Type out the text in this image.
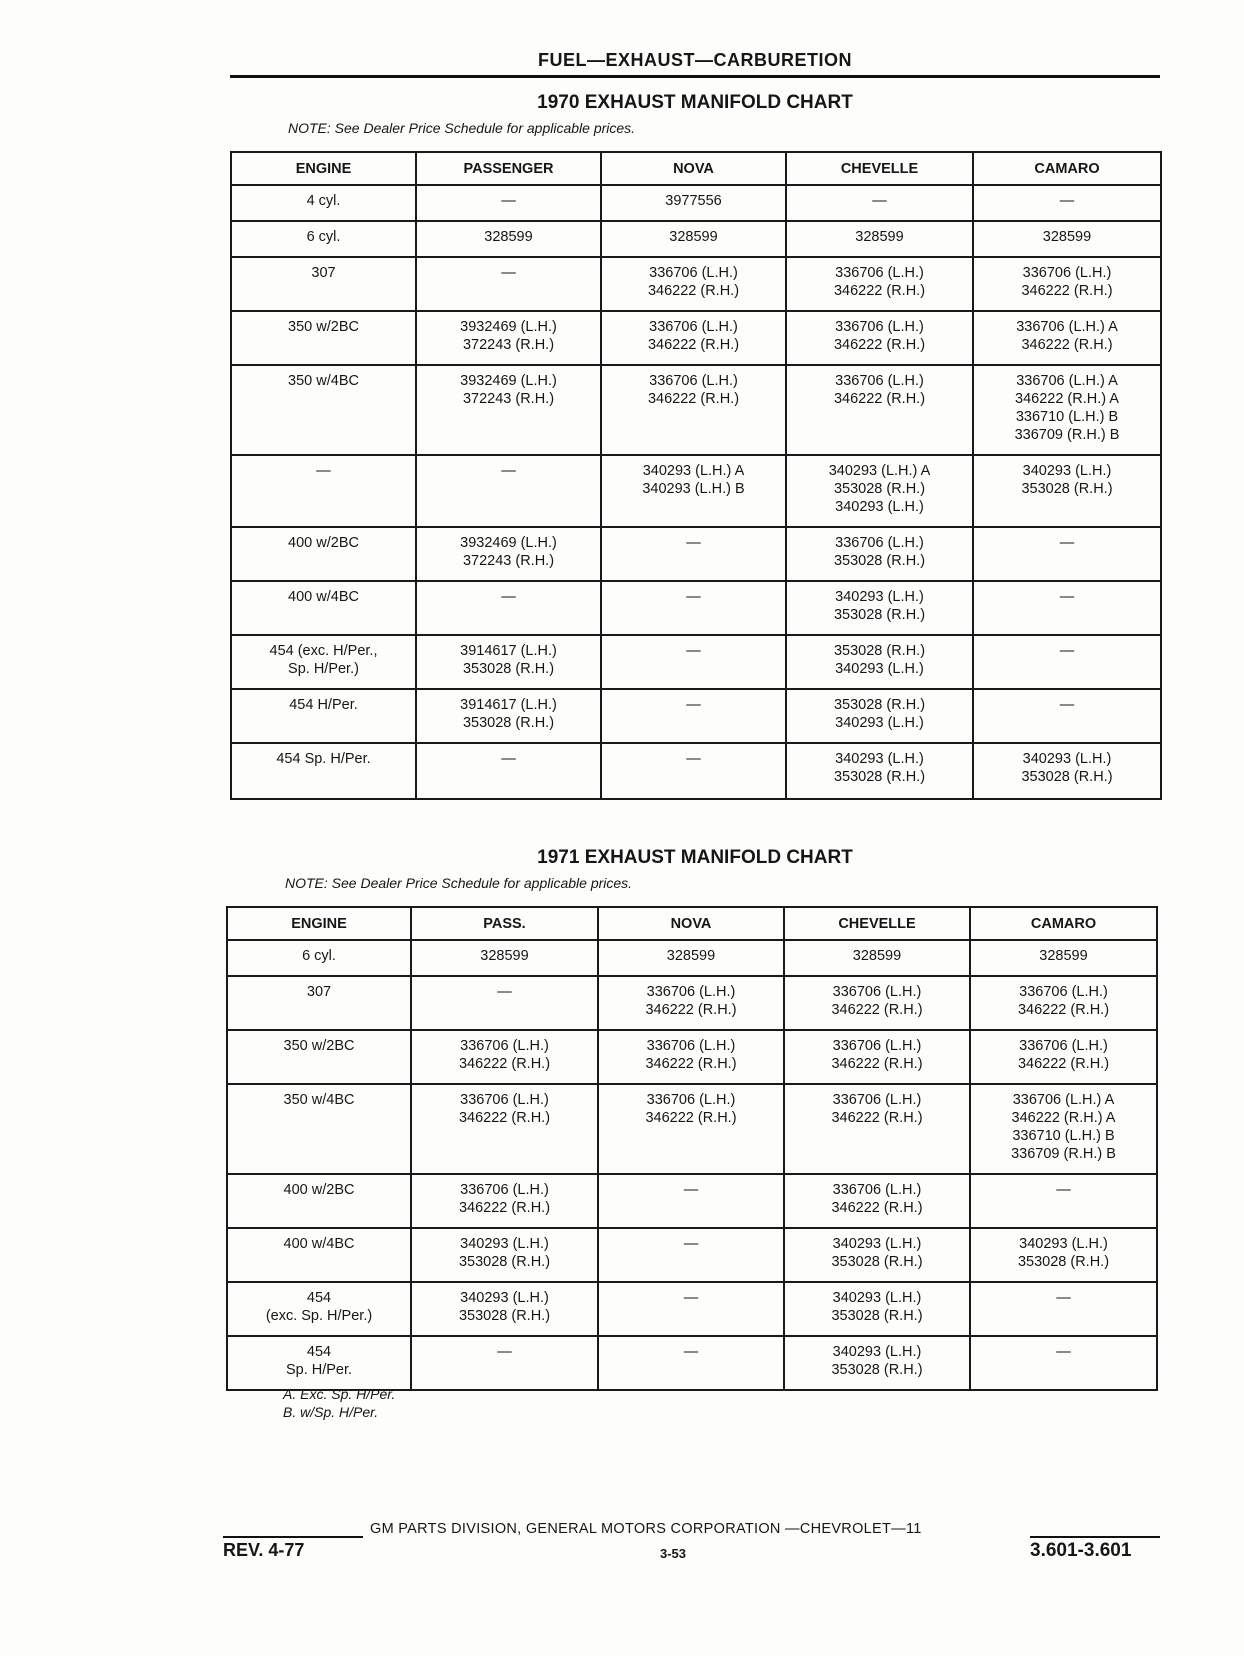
FUEL—EXHAUST—CARBURETION
1970 EXHAUST MANIFOLD CHART
NOTE: See Dealer Price Schedule for applicable prices.
ENGINE	PASSENGER	NOVA	CHEVELLE	CAMARO

4 cyl.	—	3977556	—	—

6 cyl.	328599	328599	328599	328599

307	—	336706 (L.H.)
346222 (R.H.)	336706 (L.H.)
346222 (R.H.)	336706 (L.H.)
346222 (R.H.)

350 w/2BC	3932469 (L.H.)
372243 (R.H.)	336706 (L.H.)
346222 (R.H.)	336706 (L.H.)
346222 (R.H.)	336706 (L.H.) A
346222 (R.H.)

350 w/4BC	3932469 (L.H.)
372243 (R.H.)	336706 (L.H.)
346222 (R.H.)	336706 (L.H.)
346222 (R.H.)	336706 (L.H.) A
346222 (R.H.) A
336710 (L.H.) B
336709 (R.H.) B

—	—	340293 (L.H.) A
340293 (L.H.) B	340293 (L.H.) A
353028 (R.H.)
340293 (L.H.)	340293 (L.H.)
353028 (R.H.)

400 w/2BC	3932469 (L.H.)
372243 (R.H.)	—	336706 (L.H.)
353028 (R.H.)	—

400 w/4BC	—	—	340293 (L.H.)
353028 (R.H.)	—

454 (exc. H/Per.,
Sp. H/Per.)	3914617 (L.H.)
353028 (R.H.)	—	353028 (R.H.)
340293 (L.H.)	—

454 H/Per.	3914617 (L.H.)
353028 (R.H.)	—	353028 (R.H.)
340293 (L.H.)	—

454 Sp. H/Per.	—	—	340293 (L.H.)
353028 (R.H.)	340293 (L.H.)
353028 (R.H.)
1971 EXHAUST MANIFOLD CHART
NOTE: See Dealer Price Schedule for applicable prices.
ENGINE	PASS.	NOVA	CHEVELLE	CAMARO

6 cyl.	328599	328599	328599	328599

307	—	336706 (L.H.)
346222 (R.H.)	336706 (L.H.)
346222 (R.H.)	336706 (L.H.)
346222 (R.H.)

350 w/2BC	336706 (L.H.)
346222 (R.H.)	336706 (L.H.)
346222 (R.H.)	336706 (L.H.)
346222 (R.H.)	336706 (L.H.)
346222 (R.H.)

350 w/4BC	336706 (L.H.)
346222 (R.H.)	336706 (L.H.)
346222 (R.H.)	336706 (L.H.)
346222 (R.H.)	336706 (L.H.) A
346222 (R.H.) A
336710 (L.H.) B
336709 (R.H.) B

400 w/2BC	336706 (L.H.)
346222 (R.H.)	—	336706 (L.H.)
346222 (R.H.)	—

400 w/4BC	340293 (L.H.)
353028 (R.H.)	—	340293 (L.H.)
353028 (R.H.)	340293 (L.H.)
353028 (R.H.)

454
(exc. Sp. H/Per.)	340293 (L.H.)
353028 (R.H.)	—	340293 (L.H.)
353028 (R.H.)	—

454
Sp. H/Per.	—	—	340293 (L.H.)
353028 (R.H.)	—
A. Exc. Sp. H/Per.
B. w/Sp. H/Per.
GM PARTS DIVISION, GENERAL MOTORS CORPORATION —CHEVROLET—11
REV. 4-77	3-53	3.601-3.601
